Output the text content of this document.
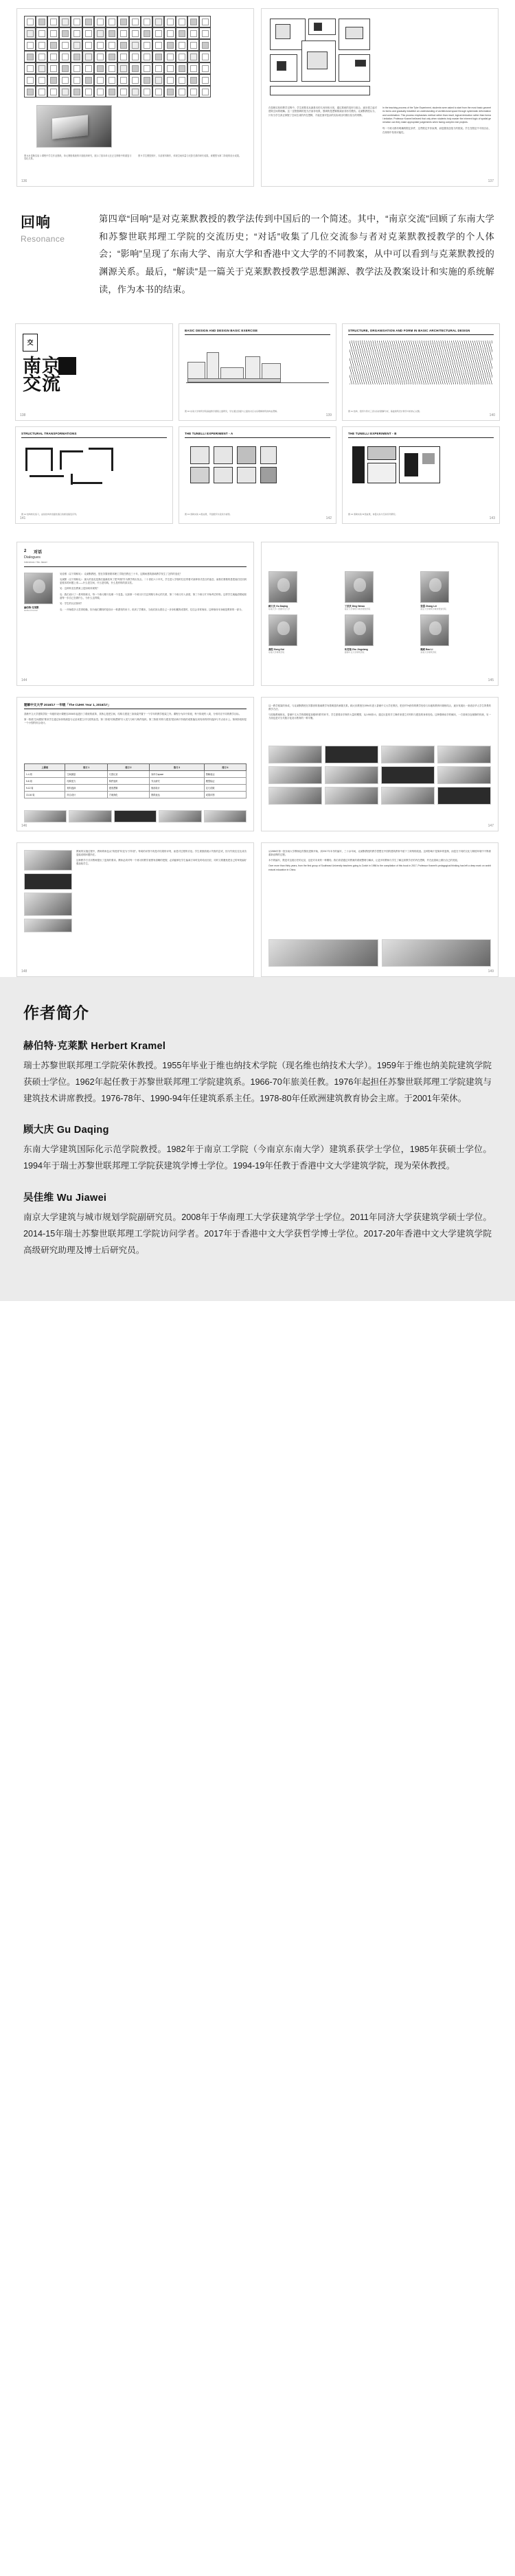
图 6-8 泰勒实验 1 课程中学生作业图纸，单元网格系统的平面组织研究，展示了基本单元在正交网格中的重复与变化关系。
图 9 学生模型照片，木质材料制作，体现空间体量与光影关系的研究成果。该模型为第二阶段的设计成果。
136
在泰勒实验的教学过程中，学生被要求从最基本的几何形体出发，通过系统的变形与组合，逐步建立起对建筑空间的理解。这一过程强调的是方法而非结果，强调的是逻辑推演而非形式模仿。克莱默教授认为，只有当学生真正掌握了空间生成的内在逻辑，才能在面对复杂的实际项目时做出恰当的判断。
In the teaching process of the Tyler Experiment, students were asked to start from the most basic geometric forms and gradually establish an understanding of architectural space through systematic deformation and combination. This process emphasises method rather than result, logical deduction rather than formal imitation. Professor Kramel believed that only when students truly master the inherent logic of spatial generation can they make appropriate judgements when facing complex real projects.
每一个练习都有明确的限定条件，这些限定并非束缚，而是激发创造力的框架。学生在限定中寻找自由，在规则中发现可能性。
137
回响
Resonance
第四章“回响”是对克莱默教授的教学法传到中国后的一个简述。其中，“南京交流”回顾了东南大学和苏黎世联邦理工学院的交流历史；“对话”收集了几位交流参与者对克莱默教授教学的个人体会；“影响”呈现了东南大学、南京大学和香港中文大学的不同教案，从中可以看到与克莱默教授的渊源关系。最后，“解读”是一篇关于克莱默教授教学思想渊源、教学法及教案设计和实施的系统解读，作为本书的结束。
交
南京
交流
138
BASIC DESIGN AND DESIGN BASIC EXERCISE
图 10 东南大学建筑学院基础教学课程立面研究，学生通过剖面与立面的对应关系理解建筑的构成逻辑。
139
STRUCTURE, ORGANISATION AND FORM IN BASIC ARCHITECTURAL DESIGN
图 11 结构、组织与形式三者关系的图解分析，基础建筑设计教学中的核心议题。
140
STRUCTURAL TRANSFORMATIONS
图 12 结构转化练习，由线性构件到面性围合的渐进演变序列。
141
THE TUNELLI EXPERIMENT - A
图 13 泰勒实验 A 组成果，平面组织与流线分析图。
142
THE TUNELLI EXPERIMENT - B
图 14 泰勒实验 B 组成果，体量关系与空间序列研究。
143
2 对话
Dialogues
Interviews / Wu Jiawei
赫伯特·克莱默
Herbert Kramel
吴佳维（以下简称吴）：克莱默教授，您在苏黎世联邦理工学院任教近三十年，这期间建筑基础教学发生了怎样的变化？
克莱默（以下简称克）：最大的变化是我们逐渐放弃了把“风格”作为教学的出发点。二十世纪六十年代，学生进入学校时往往带着对某种形式语言的迷恋，而我们要做的是把他们拉回到更根本的问题上来——什么是空间，什么是结构，什么是材料的真实性。
吴：这种转变在教案上是如何体现的？
克：我们设计了一系列的练习，每一个练习都只处理一个变量。比如第一个练习只关注网格与单元的关系，第二个练习引入高度，第三个练习才开始考虑材料。这样学生就能清楚地知道每一步自己在做什么，为什么这样做。
吴：学生的反应如何？
克：一开始很多人觉得枯燥，因为他们期待的是设计一栋漂亮的房子。但到了学期末，当他们回头看自己一步步积累的成果时，往往会非常惊讶。这种惊讶本身就是教育的一部分。
144
顾大庆 Gu Daqing
东南大学 / 香港中文大学
丁沃沃 Ding Wowo
南京大学建筑与城市规划学院
张雷 Zhang Lei
南京大学建筑与城市规划学院
龚恺 Gong Kai
东南大学建筑学院
朱竞翔 Zhu Jingxiang
香港中文大学建筑学院
鲍莉 Bao Li
东南大学建筑学院
145
题解中文大学 2016/17 一年级「The CUHK Year 1, 2016/17」
香港中文大学建筑学院一年级的设计课程自2006年起进行了系统的改革，其核心是把空间、结构与建造三条线索并置于一个学年的教学框架之内。课程分为四个阶段，每个阶段约八周，分别对应不同的教学目标。
第一阶段“空间感知”要求学生通过身体的测量与记录来建立对尺度的直觉。第二阶段“结构逻辑”引入受力分析与构件组织。第三阶段“材料与建造”把前两个阶段的成果落实到具体的材料选择与节点设计上。第四阶段则是一个小型的综合设计。
上课周	练习 1	练习 2	练习 3	练习 4
1-4 周	空间测量	尺度记录	身体与space	图解表达
5-8 周	结构受力	构件组织	节点研究	模型验证
9-12 周	材料选择	建造逻辑	细部设计	足尺试做
13-16 周	综合设计	方案深化	图纸表达	成果评图
146
这一教学框架的形成，与克莱默教授在苏黎世的基础教学有着明显的承继关系。顾大庆教授在1994年进入香港中文大学任教后，把在ETH获得的教学经验与本地的教育环境相结合，逐步发展出一套适应华人学生背景的教学方法。
与原版教案相比，香港中文大学的课程更加强调“做”的环节。学生需要亲手制作大量的模型，从1:50到1:1，通过反复的手工操作来建立对材料与建造的身体经验。这种强调动手的倾向，一方面来自包豪斯的传统，另一方面也是对当代数字化设计教育的一种平衡。
147
教案的实施过程中，教师的角色从“传授者”转变为“引导者”。每周的评图不再是对结果的评判，而是对过程的讨论。学生被鼓励展示失败的尝试，因为失败往往比成功更能说明问题所在。
这种教学方式对教师提出了更高的要求。教师必须对每一个练习的教学意图有清晰的把握，必须能够在学生偏离方向时及时给出回应，同时又要避免把自己的审美偏好强加给学生。
148
从1986年第一批东南大学教师赴苏黎世进修开始，到2017年本书的编写，三十余年间，克莱默教授的教学思想在中国的建筑教育中留下了深刻的痕迹。这种影响不是简单的复制，而是在不同的文化与制度环境中不断被重新诠释的过程。
本书的编写，既是对这段历史的记录，也是对未来的一种期待。我们希望通过对教案的系统整理与解读，让更多的教师与学生了解这套教学法的内在逻辑，并在此基础上做出自己的发展。
Over more than thirty years, from the first group of Southeast University teachers going to Zurich in 1986 to the compilation of this book in 2017, Professor Kramel's pedagogical thinking has left a deep mark on architectural education in China.
149
作者简介
赫伯特·克莱默 Herbert Kramel
瑞士苏黎世联邦理工学院荣休教授。1955年毕业于维也纳技术学院（现名维也纳技术大学）。1959年于维也纳美院建筑学院获硕士学位。1962年起任教于苏黎世联邦理工学院建筑系。1966-70年旅美任教。1976年起担任苏黎世联邦理工学院建筑与建筑技术讲席教授。1976-78年、1990-94年任建筑系系主任。1978-80年任欧洲建筑教育协会主席。于2001年荣休。
顾大庆 Gu Daqing
东南大学建筑国际化示范学院教授。1982年于南京工学院（今南京东南大学）建筑系获学士学位，1985年获硕士学位。1994年于瑞士苏黎世联邦理工学院获建筑学博士学位。1994-19年任教于香港中文大学建筑学院，现为荣休教授。
吴佳维 Wu Jiawei
南京大学建筑与城市规划学院副研究员。2008年于华南理工大学获建筑学学士学位。2011年同济大学获建筑学硕士学位。2014-15年瑞士苏黎世联邦理工学院访问学者。2017年于香港中文大学获哲学博士学位。2017-20年香港中文大学建筑学院高级研究助理及博士后研究员。
